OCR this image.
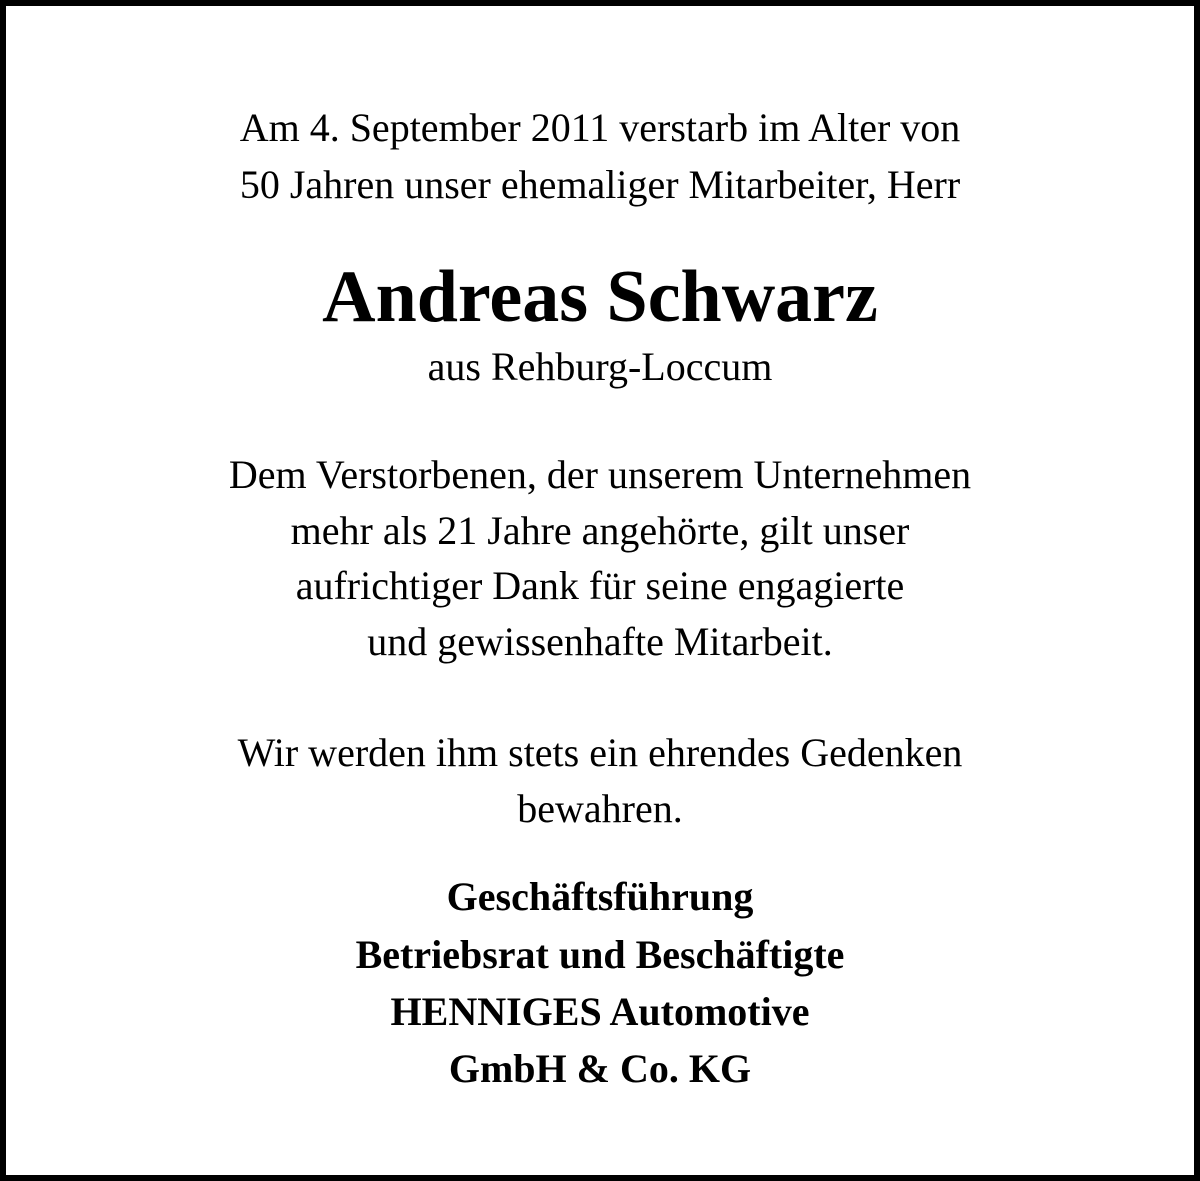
Am 4. September 2011 verstarb im Alter von
50 Jahren unser ehemaliger Mitarbeiter, Herr
Andreas Schwarz
aus Rehburg-Loccum
Dem Verstorbenen, der unserem Unternehmen
mehr als 21 Jahre angehörte, gilt unser
aufrichtiger Dank für seine engagierte
und gewissenhafte Mitarbeit.
Wir werden ihm stets ein ehrendes Gedenken
bewahren.
Geschäftsführung
Betriebsrat und Beschäftigte
HENNIGES Automotive
GmbH & Co. KG
